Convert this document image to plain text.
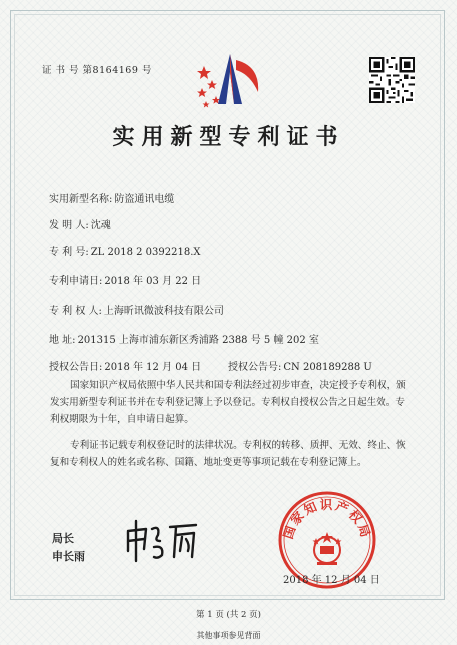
证 书 号 第8164169 号
实用新型专利证书
实用新型名称: 防盗通讯电缆
发 明 人: 沈魂
专 利 号: ZL 2018 2 0392218.X
专利申请日: 2018 年 03 月 22 日
专 利 权 人: 上海昕讯微波科技有限公司
地 址: 201315 上海市浦东新区秀浦路 2388 号 5 幢 202 室
授权公告日: 2018 年 12 月 04 日	授权公告号: CN 208189288 U
国家知识产权局依照中华人民共和国专利法经过初步审查，决定授予专利权，颁发实用新型专利证书并在专利登记簿上予以登记。专利权自授权公告之日起生效。专利权期限为十年，自申请日起算。
专利证书记载专利权登记时的法律状况。专利权的转移、质押、无效、终止、恢复和专利权人的姓名或名称、国籍、地址变更等事项记载在专利登记簿上。
局长
申长雨
国家知识产权局
2018 年 12 月 04 日
第 1 页 (共 2 页)
其他事项参见背面
